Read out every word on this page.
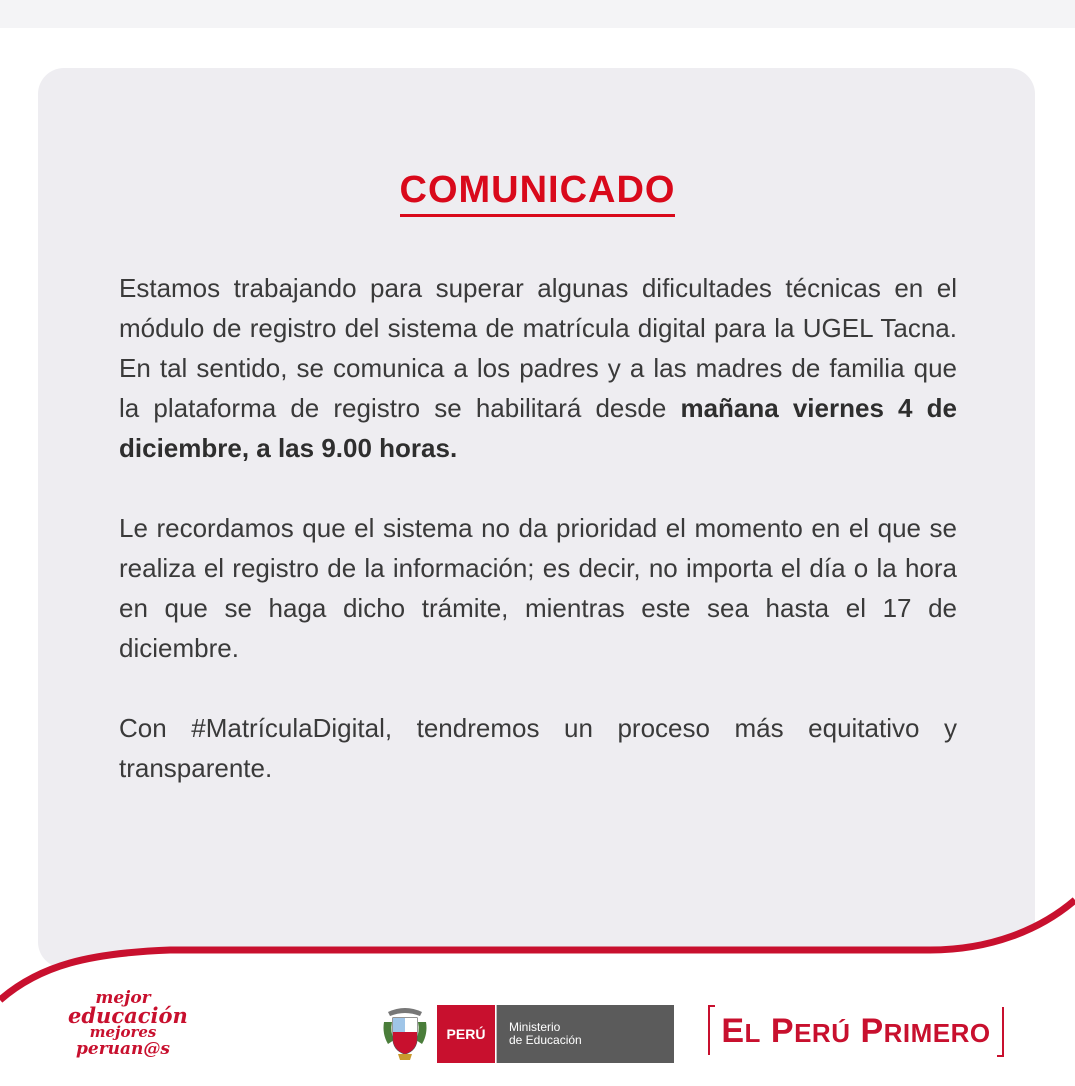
COMUNICADO

Estamos trabajando para superar algunas dificultades técnicas en el módulo de registro del sistema de matrícula digital para la UGEL Tacna. En tal sentido, se comunica a los padres y a las madres de familia que la plataforma de registro se habilitará desde mañana viernes 4 de diciembre, a las 9.00 horas.

Le recordamos que el sistema no da prioridad el momento en el que se realiza el registro de la información; es decir, no importa el día o la hora en que se haga dicho trámite, mientras este sea hasta el 17 de diciembre.

Con #MatrículaDigital, tendremos un proceso más equitativo y transparente.

mejor
educación
mejores
peruan@s
PERÚ Ministerio
de Educación	EL PERÚ PRIMERO
